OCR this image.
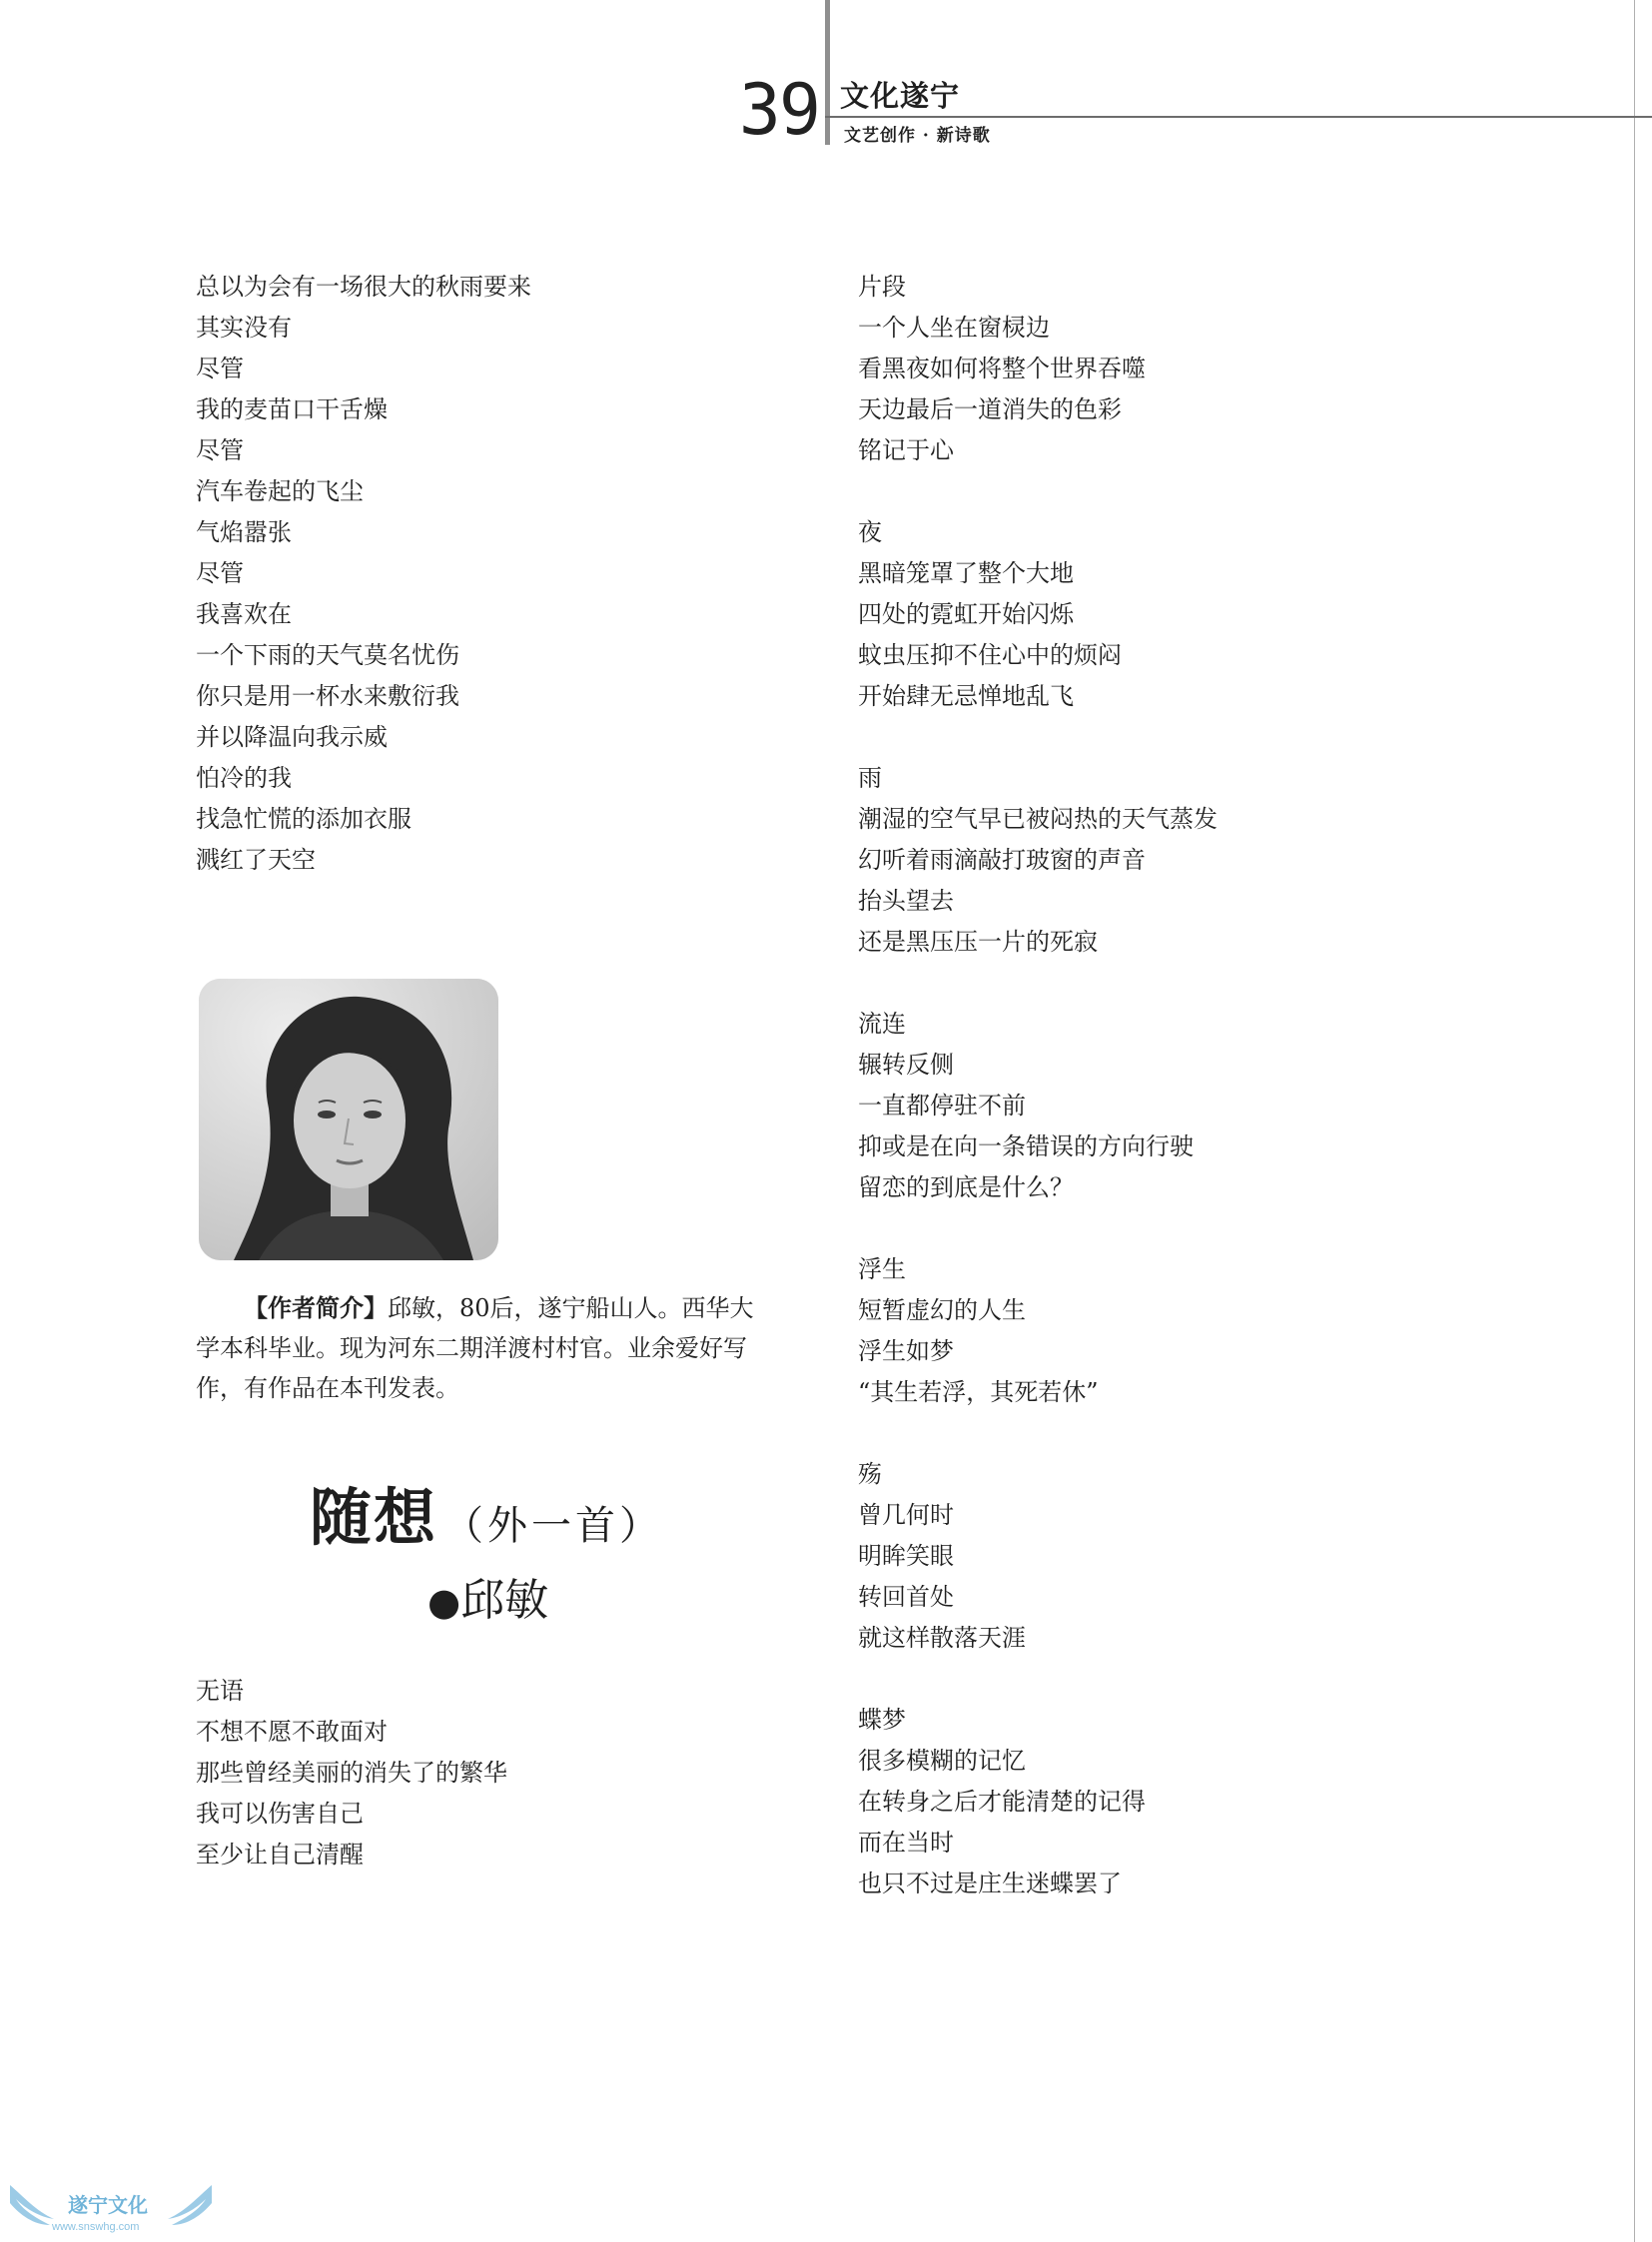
39 文化遂宁
文艺创作 · 新诗歌
总以为会有一场很大的秋雨要来
其实没有
尽管
我的麦苗口干舌燥
尽管
汽车卷起的飞尘
气焰嚣张
尽管
我喜欢在
一个下雨的天气莫名忧伤
你只是用一杯水来敷衍我
并以降温向我示威
怕冷的我
找急忙慌的添加衣服
溅红了天空
【作者简介】邱敏，80后，遂宁船山人。西华大
学本科毕业。现为河东二期洋渡村村官。业余爱好写
作，有作品在本刊发表。
随想 （外一首）
●邱敏
无语
不想不愿不敢面对
那些曾经美丽的消失了的繁华
我可以伤害自己
至少让自己清醒
片段
一个人坐在窗棂边
看黑夜如何将整个世界吞噬
天边最后一道消失的色彩
铭记于心
夜
黑暗笼罩了整个大地
四处的霓虹开始闪烁
蚊虫压抑不住心中的烦闷
开始肆无忌惮地乱飞
雨
潮湿的空气早已被闷热的天气蒸发
幻听着雨滴敲打玻窗的声音
抬头望去
还是黑压压一片的死寂
流连
辗转反侧
一直都停驻不前
抑或是在向一条错误的方向行驶
留恋的到底是什么？
浮生
短暂虚幻的人生
浮生如梦
“其生若浮，其死若休”
殇
曾几何时
明眸笑眼
转回首处
就这样散落天涯
蝶梦
很多模糊的记忆
在转身之后才能清楚的记得
而在当时
也只不过是庄生迷蝶罢了
遂宁文化
www.snswhg.com
